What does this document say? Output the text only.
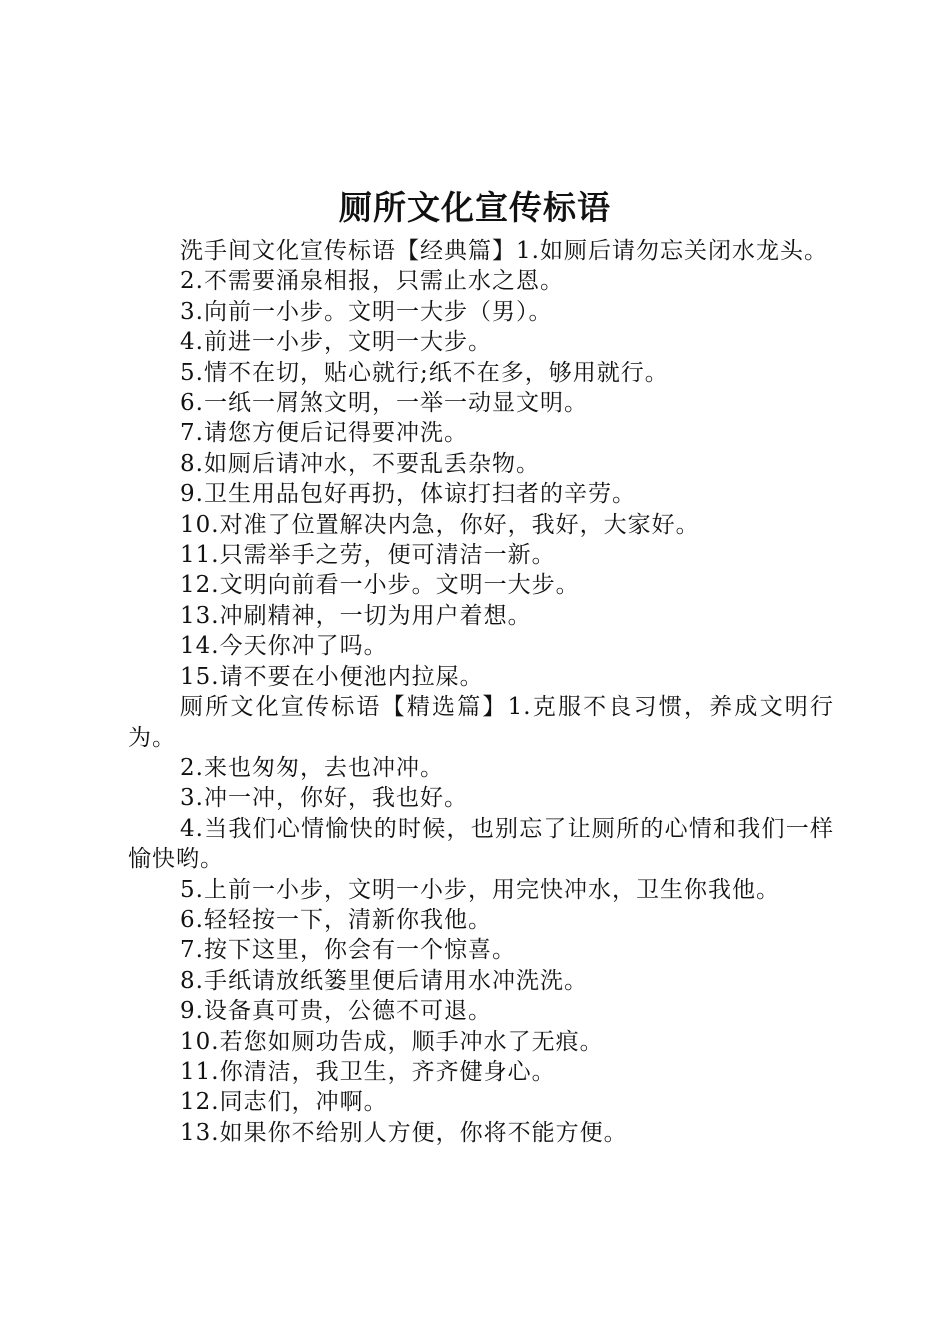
厕所文化宣传标语

洗手间文化宣传标语【经典篇】1.如厕后请勿忘关闭水龙头。

2.不需要涌泉相报，只需止水之恩。

3.向前一小步。文明一大步（男）。

4.前进一小步，文明一大步。

5.情不在切，贴心就行;纸不在多，够用就行。

6.一纸一屑煞文明，一举一动显文明。

7.请您方便后记得要冲洗。

8.如厕后请冲水，不要乱丢杂物。

9.卫生用品包好再扔，体谅打扫者的辛劳。

10.对准了位置解决内急，你好，我好，大家好。

11.只需举手之劳，便可清洁一新。

12.文明向前看一小步。文明一大步。

13.冲刷精神，一切为用户着想。

14.今天你冲了吗。

15.请不要在小便池内拉屎。

厕所文化宣传标语【精选篇】1.克服不良习惯，养成文明行为。

2.来也匆匆，去也冲冲。

3.冲一冲，你好，我也好。

4.当我们心情愉快的时候，也别忘了让厕所的心情和我们一样愉快哟。

5.上前一小步，文明一小步，用完快冲水，卫生你我他。

6.轻轻按一下，清新你我他。

7.按下这里，你会有一个惊喜。

8.手纸请放纸篓里便后请用水冲洗洗。

9.设备真可贵，公德不可退。

10.若您如厕功告成，顺手冲水了无痕。

11.你清洁，我卫生，齐齐健身心。

12.同志们，冲啊。

13.如果你不给别人方便，你将不能方便。
